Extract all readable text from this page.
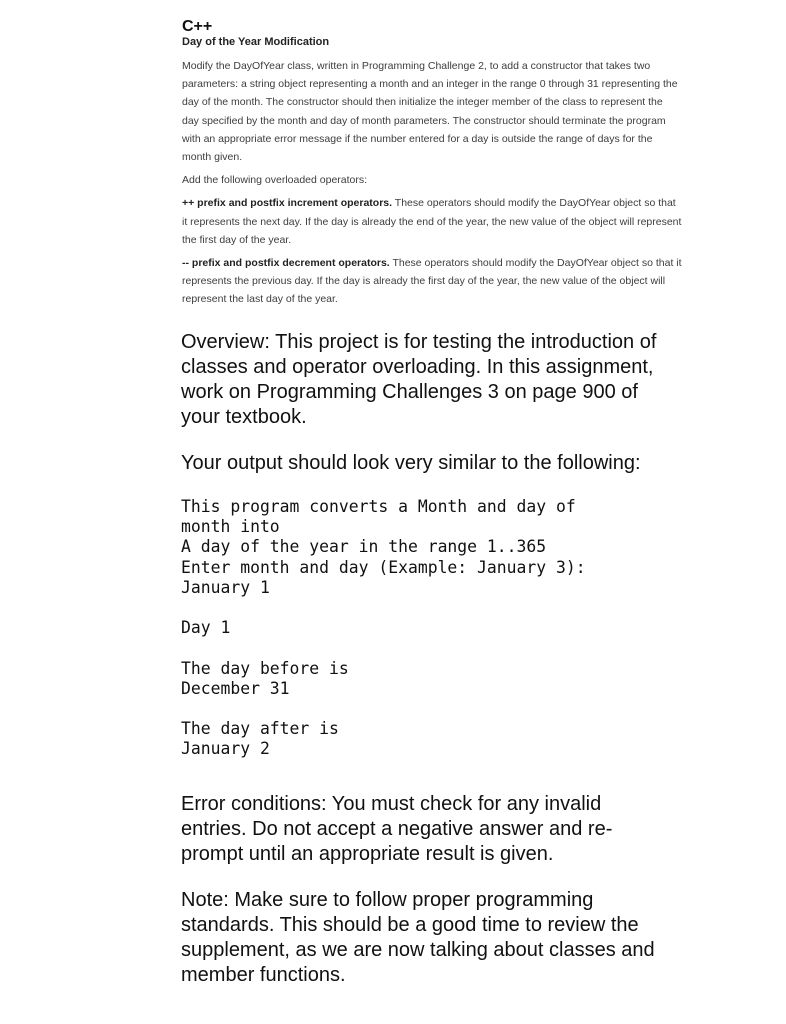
C++
Day of the Year Modification

Modify the DayOfYear class, written in Programming Challenge 2, to add a constructor that takes two parameters: a string object representing a month and an integer in the range 0 through 31 representing the day of the month. The constructor should then initialize the integer member of the class to represent the day specified by the month and day of month parameters. The constructor should terminate the program with an appropriate error message if the number entered for a day is outside the range of days for the month given.

Add the following overloaded operators:

++ prefix and postfix increment operators. These operators should modify the DayOfYear object so that it represents the next day. If the day is already the end of the year, the new value of the object will represent the first day of the year.

-- prefix and postfix decrement operators. These operators should modify the DayOfYear object so that it represents the previous day. If the day is already the first day of the year, the new value of the object will represent the last day of the year.

Overview: This project is for testing the introduction of classes and operator overloading. In this assignment, work on Programming Challenges 3 on page 900 of your textbook.

Your output should look very similar to the following:

This program converts a Month and day of
month into
A day of the year in the range 1..365
Enter month and day (Example: January 3):
January 1

Day 1

The day before is
December 31

The day after is
January 2

Error conditions: You must check for any invalid entries. Do not accept a negative answer and re-prompt until an appropriate result is given.

Note: Make sure to follow proper programming standards. This should be a good time to review the supplement, as we are now talking about classes and member functions.
